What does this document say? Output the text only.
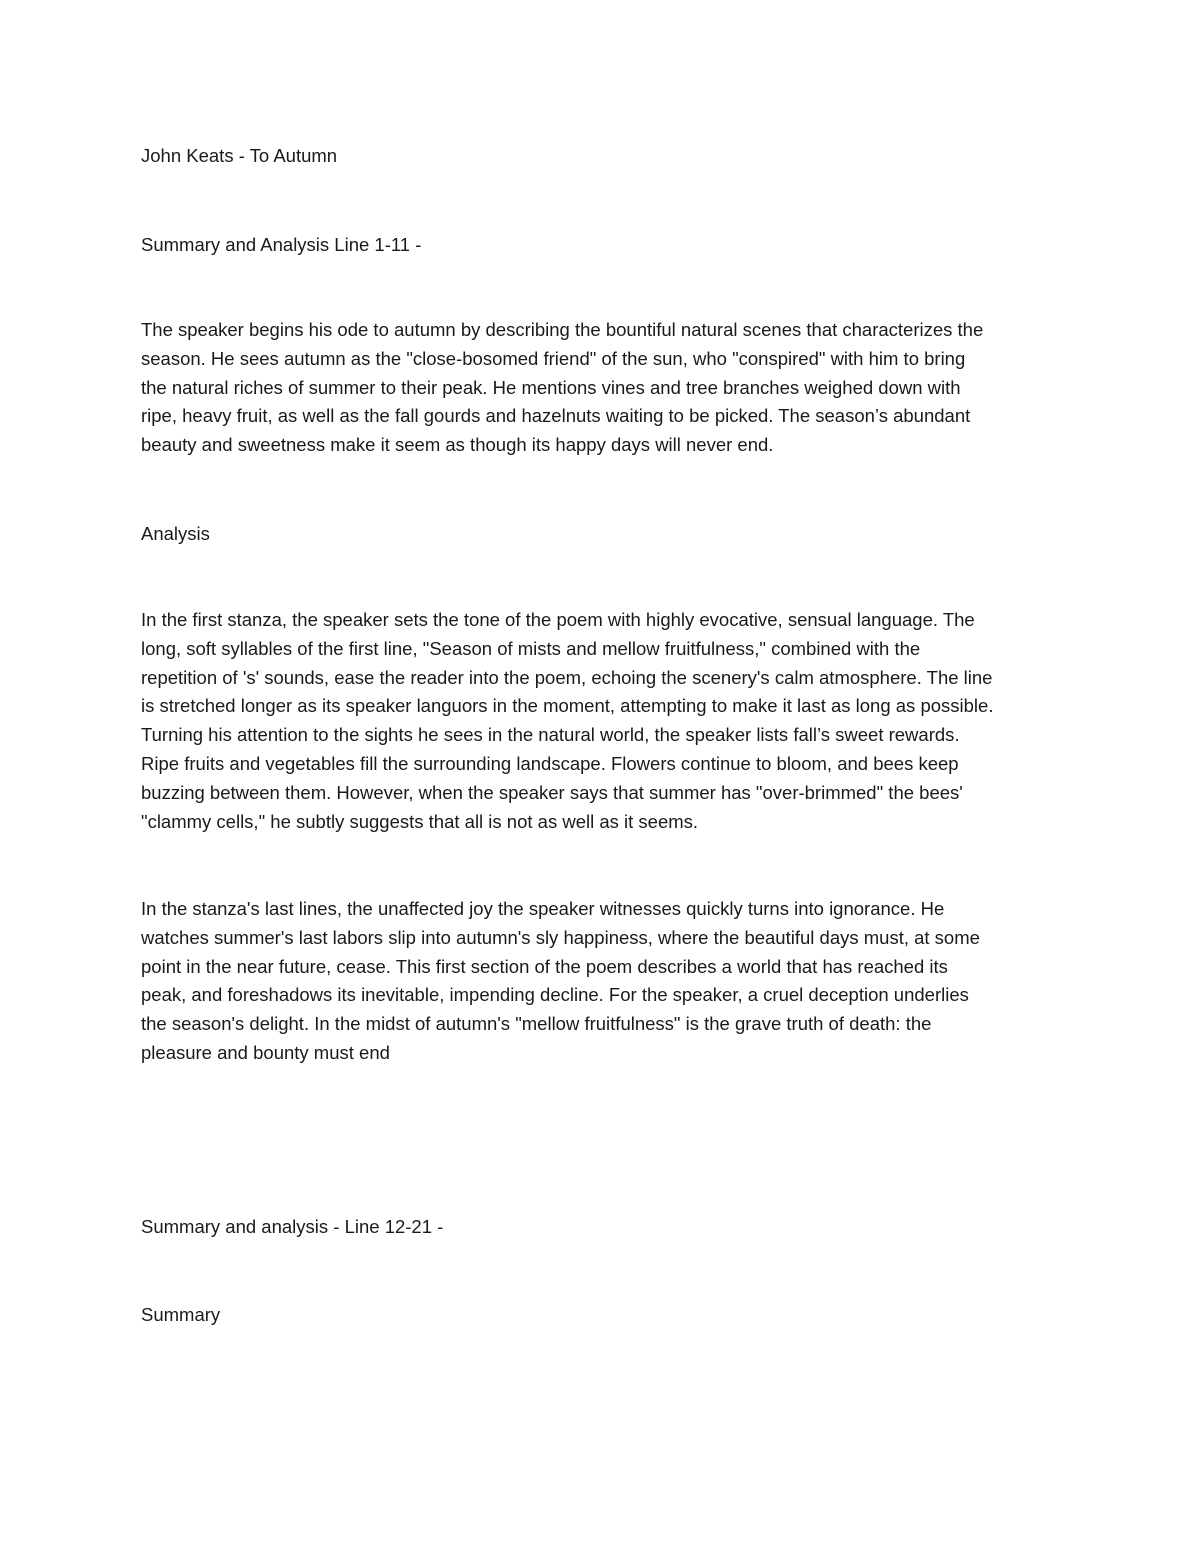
John Keats - To Autumn

Summary and Analysis Line 1-11 -

The speaker begins his ode to autumn by describing the bountiful natural scenes that characterizes the
season. He sees autumn as the "close-bosomed friend" of the sun, who "conspired" with him to bring
the natural riches of summer to their peak. He mentions vines and tree branches weighed down with
ripe, heavy fruit, as well as the fall gourds and hazelnuts waiting to be picked. The season’s abundant
beauty and sweetness make it seem as though its happy days will never end.

Analysis

In the first stanza, the speaker sets the tone of the poem with highly evocative, sensual language. The
long, soft syllables of the first line, "Season of mists and mellow fruitfulness," combined with the
repetition of 's' sounds, ease the reader into the poem, echoing the scenery's calm atmosphere. The line
is stretched longer as its speaker languors in the moment, attempting to make it last as long as possible.
Turning his attention to the sights he sees in the natural world, the speaker lists fall’s sweet rewards.
Ripe fruits and vegetables fill the surrounding landscape. Flowers continue to bloom, and bees keep
buzzing between them. However, when the speaker says that summer has "over-brimmed" the bees'
"clammy cells," he subtly suggests that all is not as well as it seems.
In the stanza's last lines, the unaffected joy the speaker witnesses quickly turns into ignorance. He
watches summer's last labors slip into autumn's sly happiness, where the beautiful days must, at some
point in the near future, cease. This first section of the poem describes a world that has reached its
peak, and foreshadows its inevitable, impending decline. For the speaker, a cruel deception underlies
the season's delight. In the midst of autumn's "mellow fruitfulness" is the grave truth of death: the
pleasure and bounty must end

Summary and analysis - Line 12-21 -

Summary
